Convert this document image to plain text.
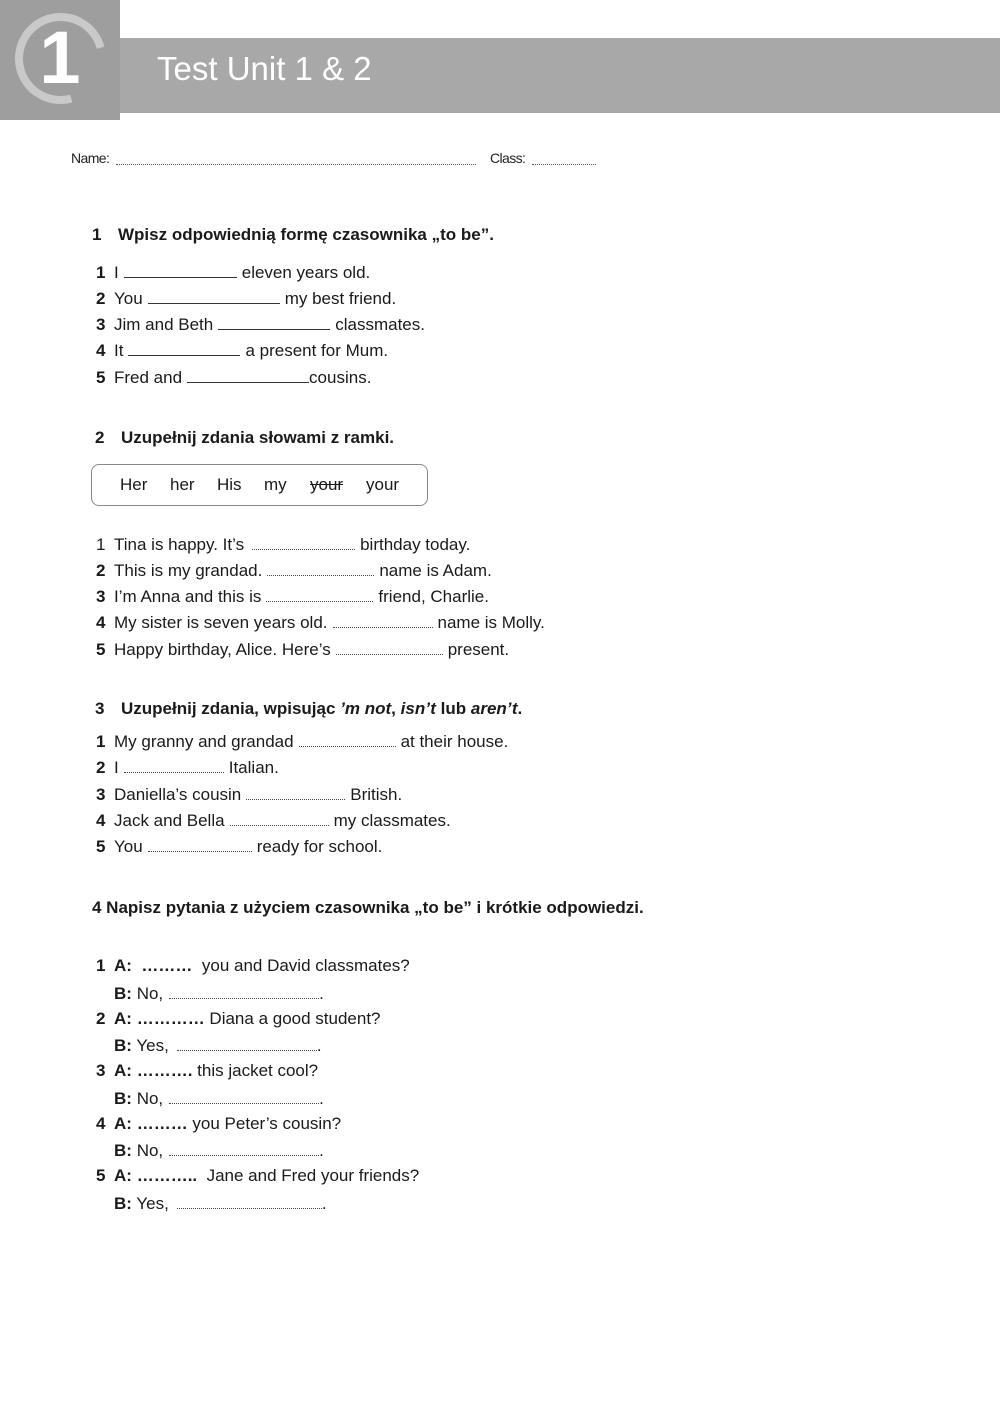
1	Test Unit 1 & 2
Name:	Class:
1 Wpisz odpowiednią formę czasownika „to be”.
1 I	eleven years old.
2 You	my best friend.
3 Jim and Beth	classmates.
4 It	a present for Mum.
5 Fred and	cousins.
2 Uzupełnij zdania słowami z ramki.
Her her His my your your
1 Tina is happy. It’s	birthday today.
2 This is my grandad.	name is Adam.
3 I’m Anna and this is	friend, Charlie.
4 My sister is seven years old.	name is Molly.
5 Happy birthday, Alice. Here’s	present.
3 Uzupełnij zdania, wpisując ’m not, isn’t lub aren’t.
1 My granny and grandad	at their house.
2 I	Italian.
3 Daniella’s cousin	British.
4 Jack and Bella	my classmates.
5 You	ready for school.
4 Napisz pytania z użyciem czasownika „to be” i krótkie odpowiedzi.
1 A: ……… you and David classmates?
B: No,	.
2 A: ………… Diana a good student?
B: Yes,	.
3 A: ………. this jacket cool?
B: No,	.
4 A: ……… you Peter’s cousin?
B: No,	.
5 A: ……….. Jane and Fred your friends?
B: Yes,	.
